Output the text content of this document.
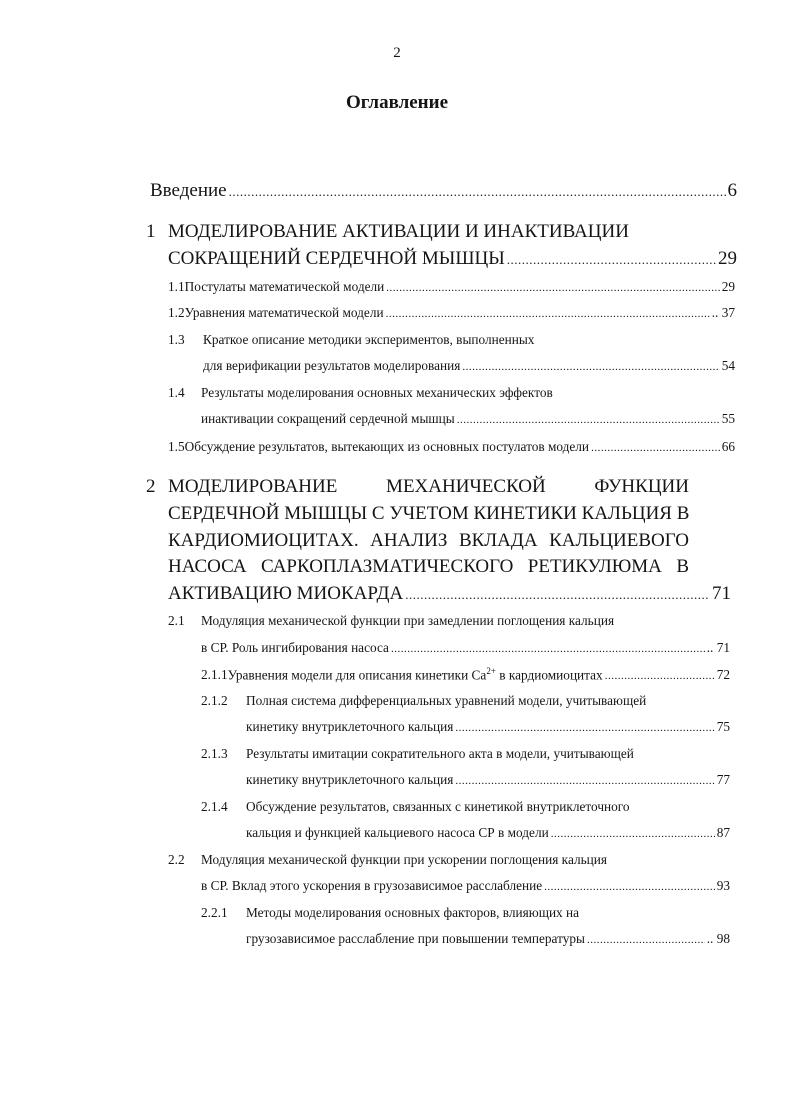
2
Оглавление
Введение .....	6
1 МОДЕЛИРОВАНИЕ АКТИВАЦИИ И ИНАКТИВАЦИИ
СОКРАЩЕНИЙ СЕРДЕЧНОЙ МЫШЦЫ .....	29
1.1 Постулаты математической модели .....	29
1.2 Уравнения математической модели .....	.. 37
1.3	Краткое описание методики экспериментов, выполненных
для верификации результатов моделирования .....	54
1.4	Результаты моделирования основных механических эффектов
инактивации сокращений сердечной мышцы .....	55
1.5 Обсуждение результатов, вытекающих из основных постулатов модели .....	66
2 МОДЕЛИРОВАНИЕ МЕХАНИЧЕСКОЙ ФУНКЦИИ
СЕРДЕЧНОЙ МЫШЦЫ С УЧЕТОМ КИНЕТИКИ КАЛЬЦИЯ В
КАРДИОМИОЦИТАХ. АНАЛИЗ ВКЛАДА КАЛЬЦИЕВОГО
НАСОСА САРКОПЛАЗМАТИЧЕСКОГО РЕТИКУЛЮМА В
АКТИВАЦИЮ МИОКАРДА .....	71
2.1	Модуляция механической функции при замедлении поглощения кальция
в СР. Роль ингибирования насоса .....	.. 71
2.1.1 Уравнения модели для описания кинетики $Ca^{2+}$ в кардиомиоцитах .....	72
2.1.2	Полная система дифференциальных уравнений модели, учитывающей
кинетику внутриклеточного кальция .....	75
2.1.3	Результаты имитации сократительного акта в модели, учитывающей
кинетику внутриклеточного кальция .....	77
2.1.4	Обсуждение результатов, связанных с кинетикой внутриклеточного
кальция и функцией кальциевого насоса СР в модели .....	87
2.2	Модуляция механической функции при ускорении поглощения кальция
в СР. Вклад этого ускорения в грузозависимое расслабление .....	93
2.2.1	Методы моделирования основных факторов, влияющих на
грузозависимое расслабление при повышении температуры .....	.. 98
